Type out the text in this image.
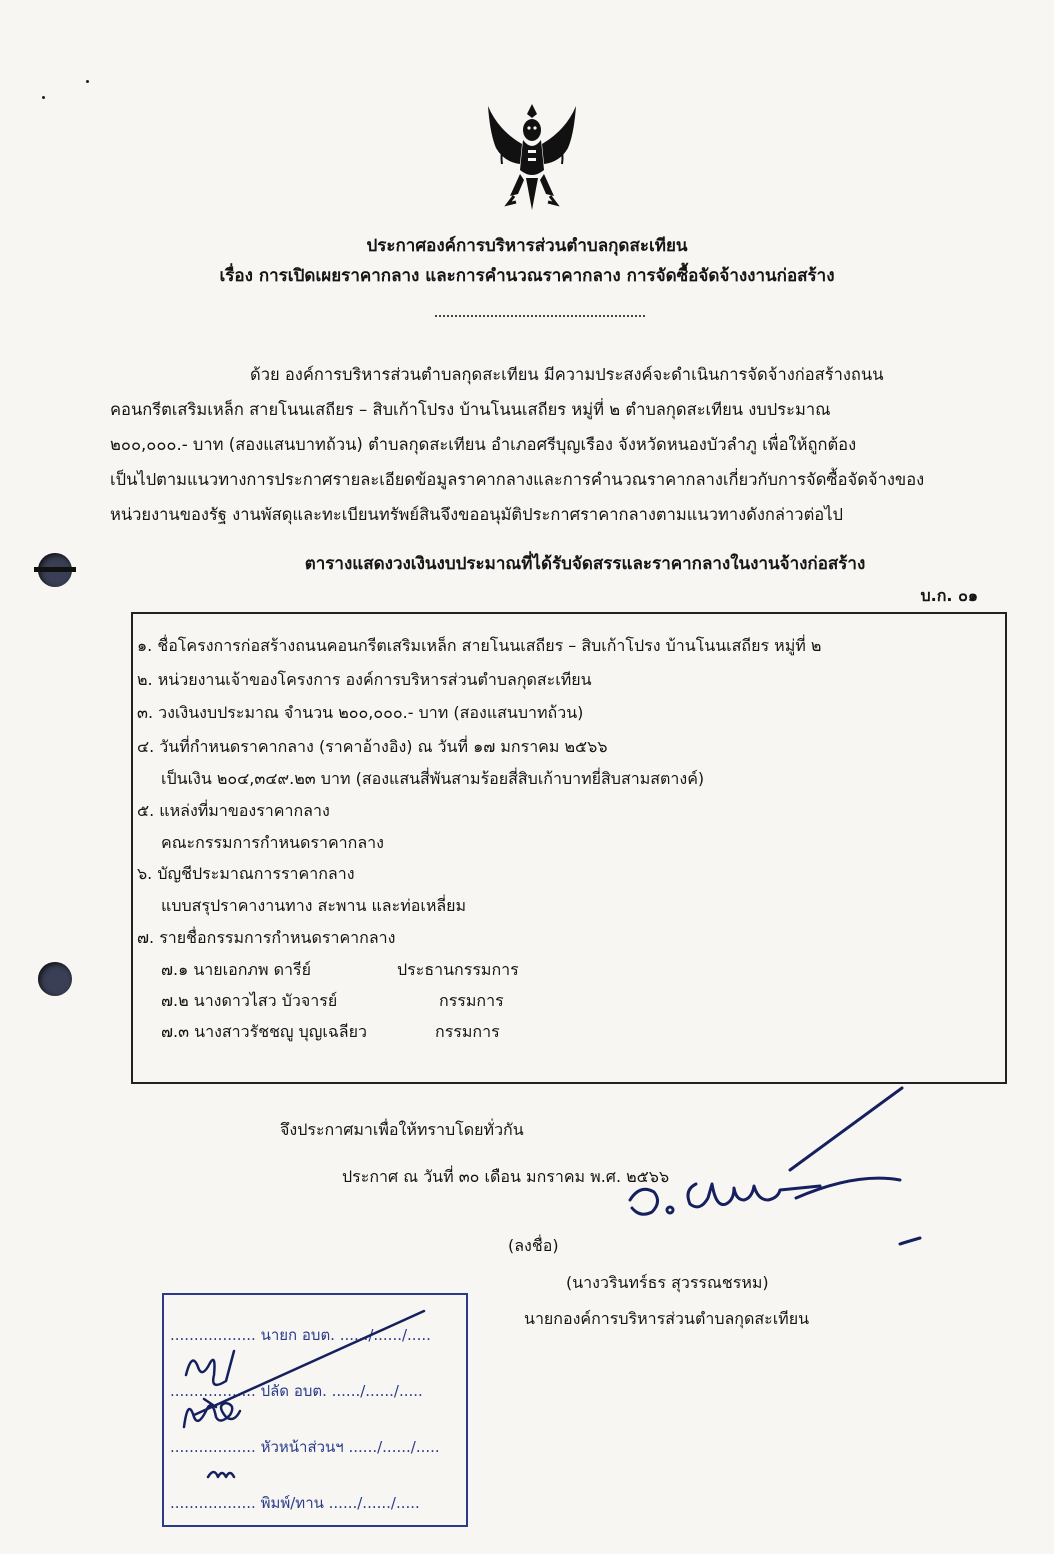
ประกาศองค์การบริหารส่วนตำบลกุดสะเทียน
เรื่อง การเปิดเผยราคากลาง และการคำนวณราคากลาง การจัดซื้อจัดจ้างงานก่อสร้าง
ด้วย องค์การบริหารส่วนตำบลกุดสะเทียน มีความประสงค์จะดำเนินการจัดจ้างก่อสร้างถนน
คอนกรีตเสริมเหล็ก สายโนนเสถียร – สิบเก้าโปรง บ้านโนนเสถียร หมู่ที่ ๒ ตำบลกุดสะเทียน งบประมาณ
๒๐๐,๐๐๐.- บาท (สองแสนบาทถ้วน) ตำบลกุดสะเทียน อำเภอศรีบุญเรือง จังหวัดหนองบัวลำภู เพื่อให้ถูกต้อง
เป็นไปตามแนวทางการประกาศรายละเอียดข้อมูลราคากลางและการคำนวณราคากลางเกี่ยวกับการจัดซื้อจัดจ้างของ
หน่วยงานของรัฐ งานพัสดุและทะเบียนทรัพย์สินจึงขออนุมัติประกาศราคากลางตามแนวทางดังกล่าวต่อไป
ตารางแสดงวงเงินงบประมาณที่ได้รับจัดสรรและราคากลางในงานจ้างก่อสร้าง
บ.ก. ๐๑
๑. ชื่อโครงการก่อสร้างถนนคอนกรีตเสริมเหล็ก สายโนนเสถียร – สิบเก้าโปรง บ้านโนนเสถียร หมู่ที่ ๒
๒. หน่วยงานเจ้าของโครงการ องค์การบริหารส่วนตำบลกุดสะเทียน
๓. วงเงินงบประมาณ จำนวน ๒๐๐,๐๐๐.- บาท (สองแสนบาทถ้วน)
๔. วันที่กำหนดราคากลาง (ราคาอ้างอิง) ณ วันที่ ๑๗ มกราคม ๒๕๖๖
เป็นเงิน ๒๐๔,๓๔๙.๒๓ บาท (สองแสนสี่พันสามร้อยสี่สิบเก้าบาทยี่สิบสามสตางค์)
๕. แหล่งที่มาของราคากลาง
คณะกรรมการกำหนดราคากลาง
๖. บัญชีประมาณการราคากลาง
แบบสรุปราคางานทาง สะพาน และท่อเหลี่ยม
๗. รายชื่อกรรมการกำหนดราคากลาง
๗.๑ นายเอกภพ ดารีย์	ประธานกรรมการ
๗.๒ นางดาวไสว บัวจารย์	กรรมการ
๗.๓ นางสาวรัชชญู บุญเฉลียว	กรรมการ
จึงประกาศมาเพื่อให้ทราบโดยทั่วกัน
ประกาศ ณ วันที่ ๓๐ เดือน มกราคม พ.ศ. ๒๕๖๖
(ลงชื่อ)
(นางวรินทร์ธร สุวรรณชรหม)
นายกองค์การบริหารส่วนตำบลกุดสะเทียน
.................. นายก อบต. ....../....../.....
.................. ปลัด อบต. ....../....../.....
.................. หัวหน้าส่วนฯ ....../....../.....
.................. พิมพ์/ทาน ....../....../.....
